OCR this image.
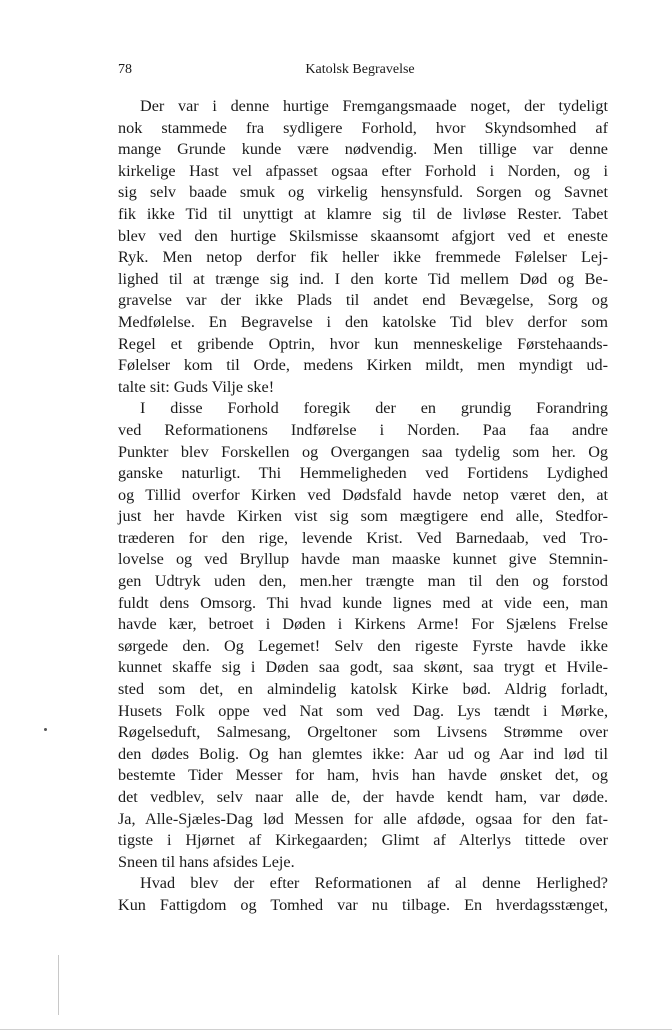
78	Katolsk Begravelse
Der var i denne hurtige Fremgangsmaade noget, der tydeligt
nok stammede fra sydligere Forhold, hvor Skyndsomhed af
mange Grunde kunde være nødvendig. Men tillige var denne
kirkelige Hast vel afpasset ogsaa efter Forhold i Norden, og i
sig selv baade smuk og virkelig hensynsfuld. Sorgen og Savnet
fik ikke Tid til unyttigt at klamre sig til de livløse Rester. Tabet
blev ved den hurtige Skilsmisse skaansomt afgjort ved et eneste
Ryk. Men netop derfor fik heller ikke fremmede Følelser Lej-
lighed til at trænge sig ind. I den korte Tid mellem Død og Be-
gravelse var der ikke Plads til andet end Bevægelse, Sorg og
Medfølelse. En Begravelse i den katolske Tid blev derfor som
Regel et gribende Optrin, hvor kun menneskelige Førstehaands-
Følelser kom til Orde, medens Kirken mildt, men myndigt ud-
talte sit: Guds Vilje ske!
I disse Forhold foregik der en grundig Forandring
ved Reformationens Indførelse i Norden. Paa faa andre
Punkter blev Forskellen og Overgangen saa tydelig som her. Og
ganske naturligt. Thi Hemmeligheden ved Fortidens Lydighed
og Tillid overfor Kirken ved Dødsfald havde netop været den, at
just her havde Kirken vist sig som mægtigere end alle, Stedfor-
træderen for den rige, levende Krist. Ved Barnedaab, ved Tro-
lovelse og ved Bryllup havde man maaske kunnet give Stemnin-
gen Udtryk uden den, men.her trængte man til den og forstod
fuldt dens Omsorg. Thi hvad kunde lignes med at vide een, man
havde kær, betroet i Døden i Kirkens Arme! For Sjælens Frelse
sørgede den. Og Legemet! Selv den rigeste Fyrste havde ikke
kunnet skaffe sig i Døden saa godt, saa skønt, saa trygt et Hvile-
sted som det, en almindelig katolsk Kirke bød. Aldrig forladt,
Husets Folk oppe ved Nat som ved Dag. Lys tændt i Mørke,
Røgelseduft, Salmesang, Orgeltoner som Livsens Strømme over
den dødes Bolig. Og han glemtes ikke: Aar ud og Aar ind lød til
bestemte Tider Messer for ham, hvis han havde ønsket det, og
det vedblev, selv naar alle de, der havde kendt ham, var døde.
Ja, Alle-Sjæles-Dag lød Messen for alle afdøde, ogsaa for den fat-
tigste i Hjørnet af Kirkegaarden; Glimt af Alterlys tittede over
Sneen til hans afsides Leje.
Hvad blev der efter Reformationen af al denne Herlighed?
Kun Fattigdom og Tomhed var nu tilbage. En hverdagsstænget,
